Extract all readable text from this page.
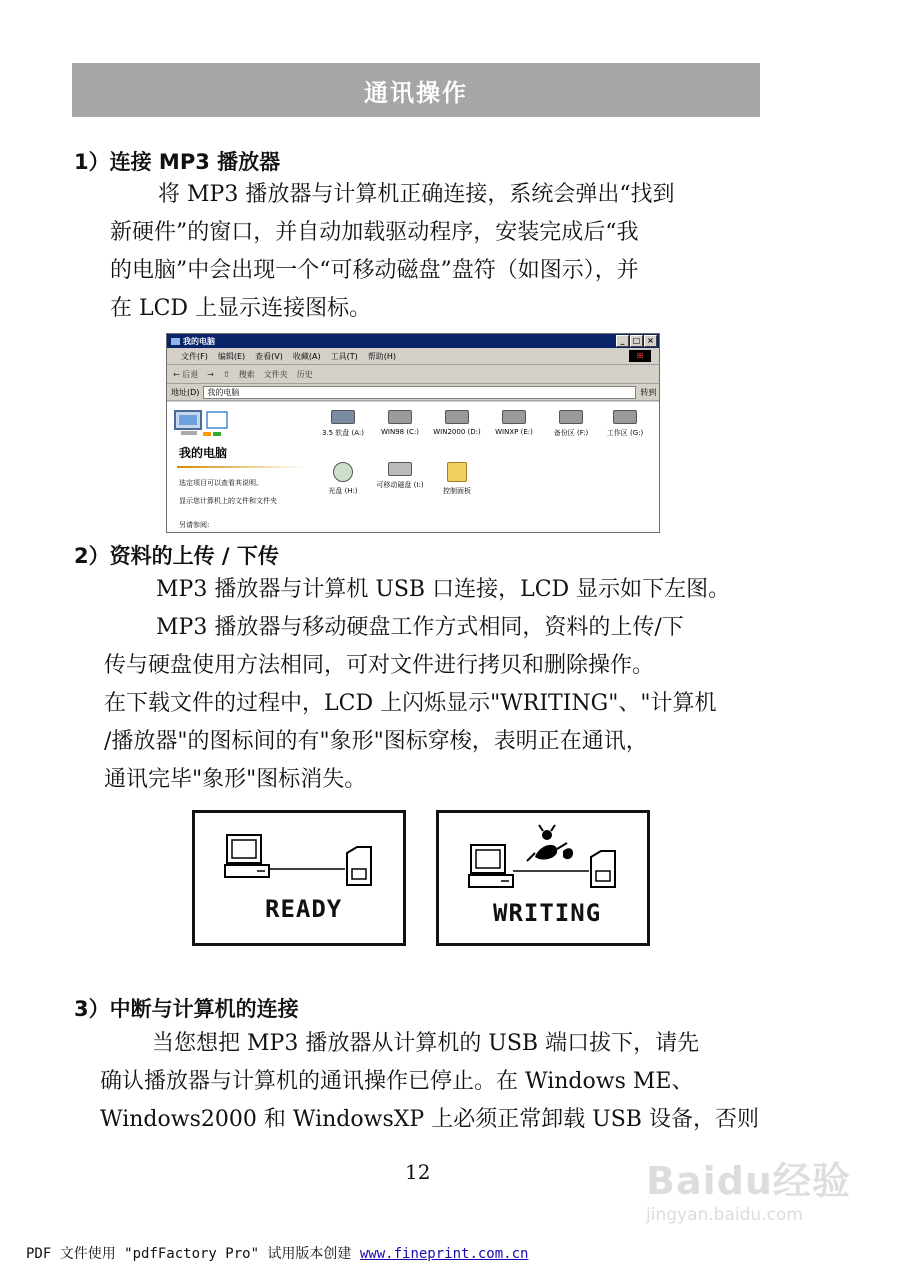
通讯操作
1）连接 MP3 播放器
将 MP3 播放器与计算机正确连接，系统会弹出“找到
新硬件”的窗口，并自动加载驱动程序，安装完成后“我
的电脑”中会出现一个“可移动磁盘”盘符（如图示），并
在 LCD 上显示连接图标。
我的电脑	_	□ ×
文件(F) 编辑(E) 查看(V) 收藏(A) 工具(T) 帮助(H)	⊞
← 后退 → ⇧ 搜索 文件夹 历史
地址(D) 我的电脑	转到
我的电脑
选定项目可以查看其说明。
显示您计算机上的文件和文件夹
另请参阅:
3.5 软盘 (A:)	WIN98 (C:)	WIN2000 (D:)	WINXP (E:)	备份区 (F:)	工作区 (G:)
光盘 (H:)
可移动磁盘 (I:)
控制面板
2）资料的上传 / 下传
MP3 播放器与计算机 USB 口连接，LCD 显示如下左图。
MP3 播放器与移动硬盘工作方式相同，资料的上传/下
传与硬盘使用方法相同，可对文件进行拷贝和删除操作。
在下载文件的过程中，LCD 上闪烁显示"WRITING"、"计算机
/播放器"的图标间的有"象形"图标穿梭，表明正在通讯，
通讯完毕"象形"图标消失。
READY	WRITING
3）中断与计算机的连接
当您想把 MP3 播放器从计算机的 USB 端口拔下，请先
确认播放器与计算机的通讯操作已停止。在 Windows ME、
Windows2000 和 WindowsXP 上必须正常卸载 USB 设备，否则
12	Baidu经验
jingyan.baidu.com
PDF 文件使用 "pdfFactory Pro" 试用版本创建 www.fineprint.com.cn
